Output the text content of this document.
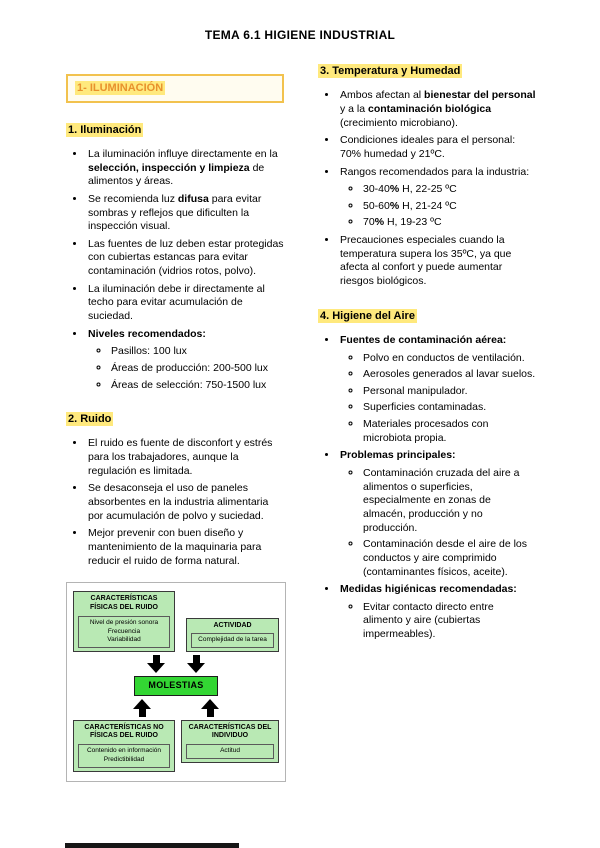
TEMA 6.1 HIGIENE INDUSTRIAL
1- ILUMINACIÓN
1. Iluminación
• La iluminación influye directamente en la selección, inspección y limpieza de alimentos y áreas.
• Se recomienda luz difusa para evitar sombras y reflejos que dificulten la inspección visual.
• Las fuentes de luz deben estar protegidas con cubiertas estancas para evitar contaminación (vidrios rotos, polvo).
• La iluminación debe ir directamente al techo para evitar acumulación de suciedad.
• Niveles recomendados:
◦ Pasillos: 100 lux
◦ Áreas de producción: 200-500 lux
◦ Áreas de selección: 750-1500 lux
2. Ruido
• El ruido es fuente de disconfort y estrés para los trabajadores, aunque la regulación es limitada.
• Se desaconseja el uso de paneles absorbentes en la industria alimentaria por acumulación de polvo y suciedad.
• Mejor prevenir con buen diseño y mantenimiento de la maquinaria para reducir el ruido de forma natural.
CARACTERÍSTICAS FÍSICAS DEL RUIDO
Nivel de presión sonora
Frecuencia
Variabilidad
ACTIVIDAD
Complejidad de la tarea
MOLESTIAS
CARACTERÍSTICAS NO FÍSICAS DEL RUIDO
Contenido en información
Predictibilidad
CARACTERÍSTICAS DEL INDIVIDUO
Actitud
3. Temperatura y Humedad
• Ambos afectan al bienestar del personal y a la contaminación biológica (crecimiento microbiano).
• Condiciones ideales para el personal: 70% humedad y 21ºC.
• Rangos recomendados para la industria:
◦ 30-40% H, 22-25 ºC
◦ 50-60% H, 21-24 ºC
◦ 70% H, 19-23 ºC
• Precauciones especiales cuando la temperatura supera los 35ºC, ya que afecta al confort y puede aumentar riesgos biológicos.
4. Higiene del Aire
• Fuentes de contaminación aérea:
◦ Polvo en conductos de ventilación.
◦ Aerosoles generados al lavar suelos.
◦ Personal manipulador.
◦ Superficies contaminadas.
◦ Materiales procesados con microbiota propia.
• Problemas principales:
◦ Contaminación cruzada del aire a alimentos o superficies, especialmente en zonas de almacén, producción y no producción.
◦ Contaminación desde el aire de los conductos y aire comprimido (contaminantes físicos, aceite).
• Medidas higiénicas recomendadas:
◦ Evitar contacto directo entre alimento y aire (cubiertas impermeables).
